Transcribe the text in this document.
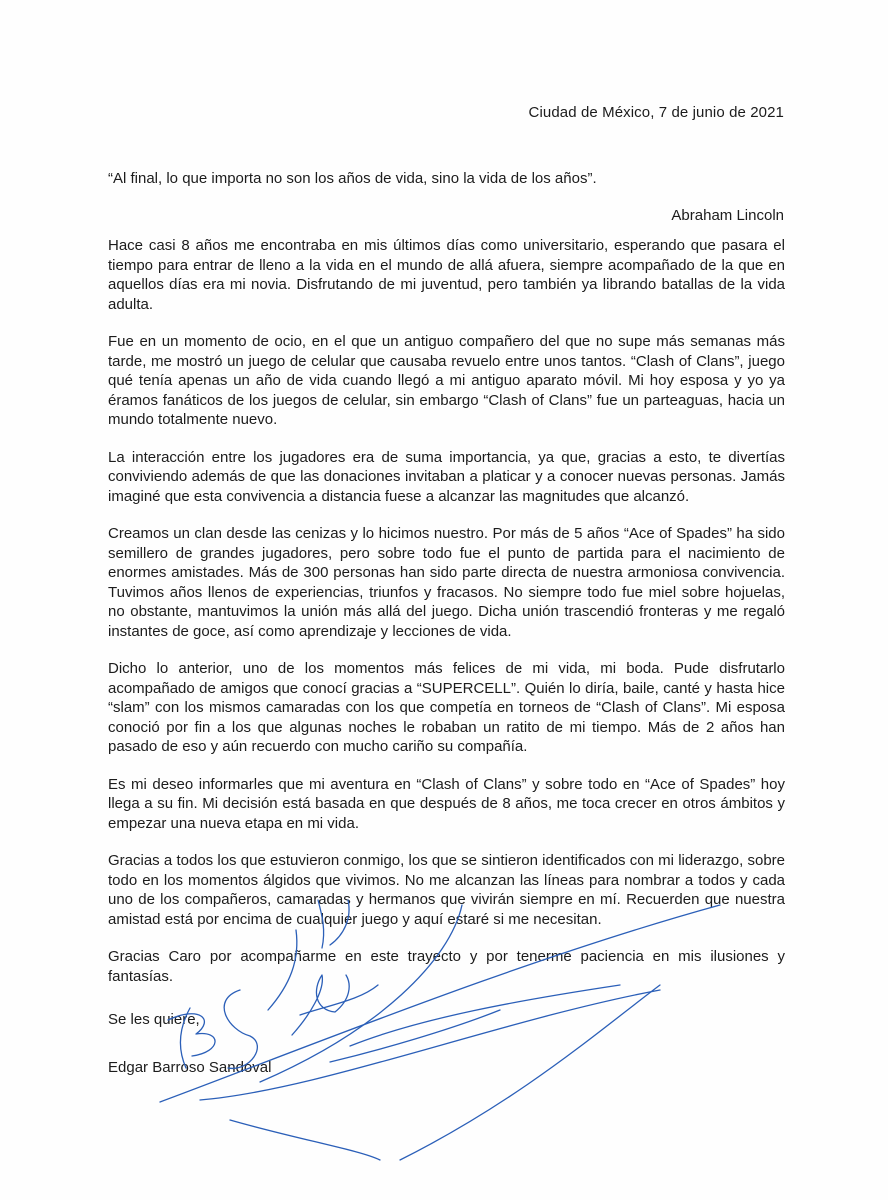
Ciudad de México, 7 de junio de 2021
“Al final, lo que importa no son los años de vida, sino la vida de los años”.
Abraham Lincoln

Hace casi 8 años me encontraba en mis últimos días como universitario, esperando que pasara el tiempo para entrar de lleno a la vida en el mundo de allá afuera, siempre acompañado de la que en aquellos días era mi novia. Disfrutando de mi juventud, pero también ya librando batallas de la vida adulta.

Fue en un momento de ocio, en el que un antiguo compañero del que no supe más semanas más tarde, me mostró un juego de celular que causaba revuelo entre unos tantos. “Clash of Clans”, juego qué tenía apenas un año de vida cuando llegó a mi antiguo aparato móvil. Mi hoy esposa y yo ya éramos fanáticos de los juegos de celular, sin embargo “Clash of Clans” fue un parteaguas, hacia un mundo totalmente nuevo.

La interacción entre los jugadores era de suma importancia, ya que, gracias a esto, te divertías conviviendo además de que las donaciones invitaban a platicar y a conocer nuevas personas. Jamás imaginé que esta convivencia a distancia fuese a alcanzar las magnitudes que alcanzó.

Creamos un clan desde las cenizas y lo hicimos nuestro. Por más de 5 años “Ace of Spades” ha sido semillero de grandes jugadores, pero sobre todo fue el punto de partida para el nacimiento de enormes amistades. Más de 300 personas han sido parte directa de nuestra armoniosa convivencia. Tuvimos años llenos de experiencias, triunfos y fracasos. No siempre todo fue miel sobre hojuelas, no obstante, mantuvimos la unión más allá del juego. Dicha unión trascendió fronteras y me regaló instantes de goce, así como aprendizaje y lecciones de vida.

Dicho lo anterior, uno de los momentos más felices de mi vida, mi boda. Pude disfrutarlo acompañado de amigos que conocí gracias a “SUPERCELL”. Quién lo diría, baile, canté y hasta hice “slam” con los mismos camaradas con los que competía en torneos de “Clash of Clans”. Mi esposa conoció por fin a los que algunas noches le robaban un ratito de mi tiempo. Más de 2 años han pasado de eso y aún recuerdo con mucho cariño su compañía.

Es mi deseo informarles que mi aventura en “Clash of Clans” y sobre todo en “Ace of Spades” hoy llega a su fin. Mi decisión está basada en que después de 8 años, me toca crecer en otros ámbitos y empezar una nueva etapa en mi vida.

Gracias a todos los que estuvieron conmigo, los que se sintieron identificados con mi liderazgo, sobre todo en los momentos álgidos que vivimos. No me alcanzan las líneas para nombrar a todos y cada uno de los compañeros, camaradas y hermanos que vivirán siempre en mí. Recuerden que nuestra amistad está por encima de cualquier juego y aquí estaré si me necesitan.

Gracias Caro por acompañarme en este trayecto y por tenerme paciencia en mis ilusiones y fantasías.

Se les quiere,
Edgar Barroso Sandoval
